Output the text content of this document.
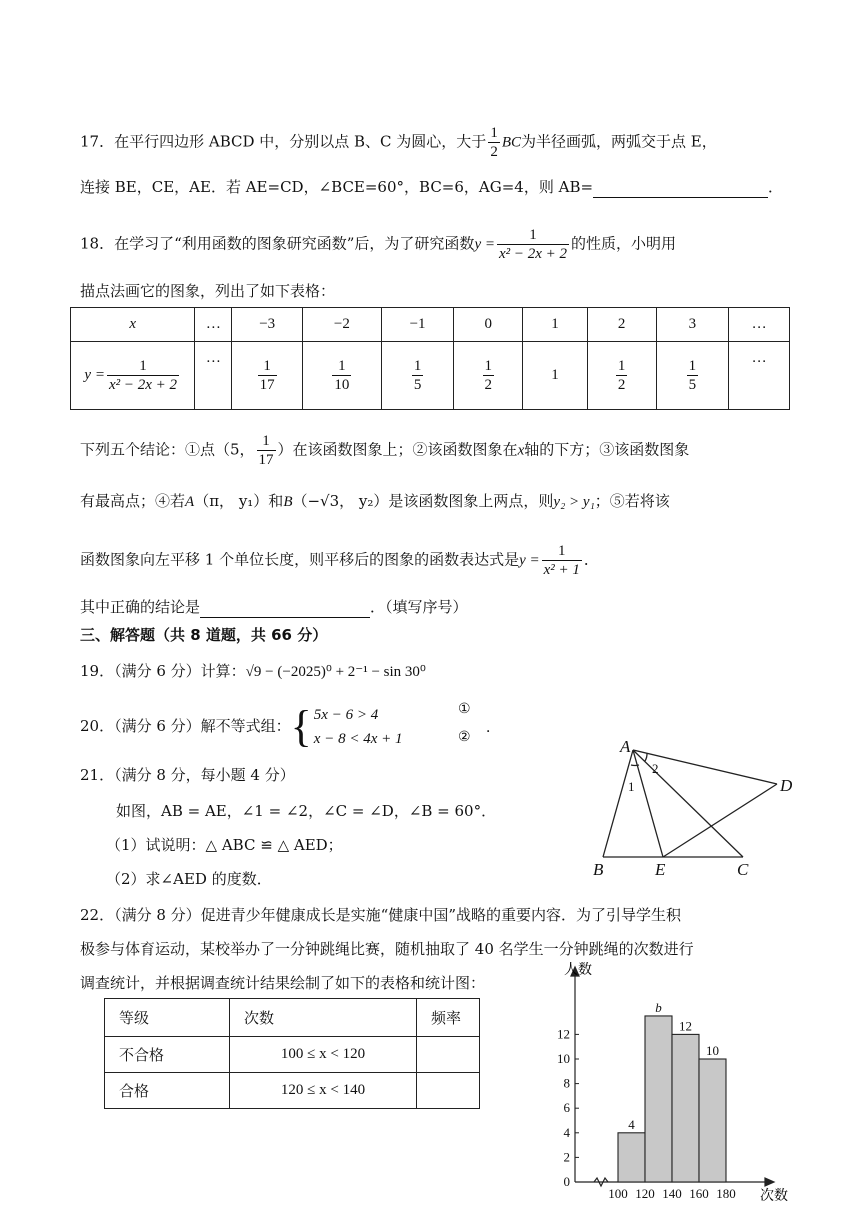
17．在平行四边形 ABCD 中，分别以点 B、C 为圆心，大于 $\frac{1}{2}$ BC为半径画弧，两弧交于点 E，
连接 BE，CE，AE．若 AE=CD，∠BCE=60°，BC=6，AG=4，则 AB=	．
18．在学习了“利用函数的图象研究函数”后，为了研究函数$y = \frac{1}{\text{x² − 2x + 2}}$ 的性质，小明用
描点法画它的图象，列出了如下表格：
x	…	−3	−2	−1	0	1	2	3	…
$y = \frac{1}{\text{x² − 2x + 2}}$	…	$\frac{1}{17}$	$\frac{1}{10}$	$\frac{1}{5}$	$\frac{1}{2}$	1	$\frac{1}{2}$	$\frac{1}{5}$	…
下列五个结论：①点（5， $\frac{1}{17}$ ）在该函数图象上；②该函数图象在x轴的下方；③该函数图象
有最高点；④若A（π， y₁）和B（−√3， y₂）是该函数图象上两点，则y₂ > y₁；⑤若将该
函数图象向左平移 1 个单位长度，则平移后的图象的函数表达式是$y = \frac{1}{\text{x² + 1}}$ ．
其中正确的结论是	．（填写序号）
三、解答题（共 8 道题，共 66 分）
19．（满分 6 分）计算：√9 − (−2025)⁰ + 2⁻¹ − sin 30⁰
20．（满分 6 分）解不等式组： { 5x − 6 > 4
x − 8 < 4x + 1
①
②
．
21．（满分 8 分，每小题 4 分）
如图，AB = AE，∠1 = ∠2，∠C = ∠D，∠B = 60°．
（1）试说明：△ ABC ≌ △ AED；
（2）求∠AED 的度数．
A
B	C
D
E
1
2
22．（满分 8 分）促进青少年健康成长是实施“健康中国”战略的重要内容．为了引导学生积
极参与体育运动，某校举办了一分钟跳绳比赛，随机抽取了 40 名学生一分钟跳绳的次数进行
调查统计，并根据调查统计结果绘制了如下的表格和统计图：
等级	次数	频率
不合格	100 ≤ x < 120	
合格	120 ≤ x < 140	
4
b
12
10
0
2
4
6
8
10
12
100 120 140 160 180
人数
次数
